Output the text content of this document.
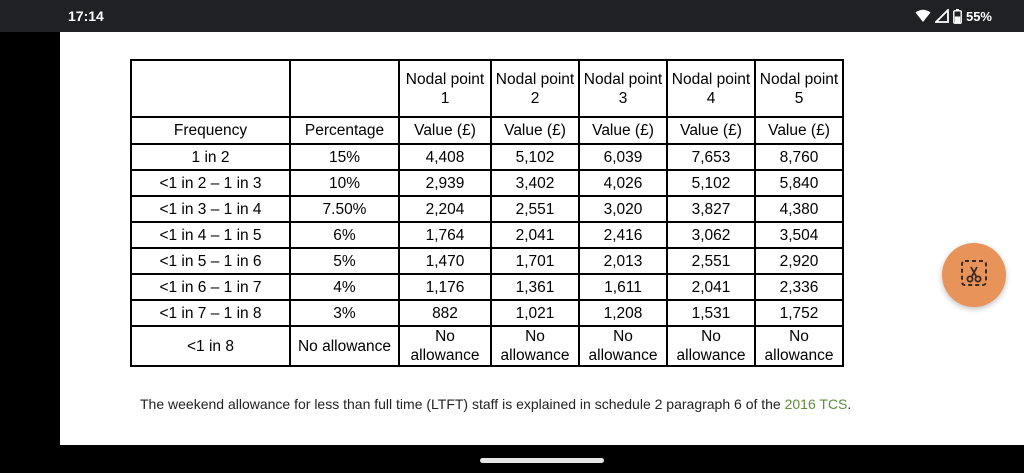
17:14	55%
		Nodal point 1	Nodal point 2	Nodal point 3	Nodal point 4	Nodal point 5
Frequency	Percentage	Value (£)	Value (£)	Value (£)	Value (£)	Value (£)
1 in 2	15%	4,408	5,102	6,039	7,653	8,760
<1 in 2 – 1 in 3	10%	2,939	3,402	4,026	5,102	5,840
<1 in 3 – 1 in 4	7.50%	2,204	2,551	3,020	3,827	4,380
<1 in 4 – 1 in 5	6%	1,764	2,041	2,416	3,062	3,504
<1 in 5 – 1 in 6	5%	1,470	1,701	2,013	2,551	2,920
<1 in 6 – 1 in 7	4%	1,176	1,361	1,611	2,041	2,336
<1 in 7 – 1 in 8	3%	882	1,021	1,208	1,531	1,752
<1 in 8	No allowance	No allowance	No allowance	No allowance	No allowance	No allowance
The weekend allowance for less than full time (LTFT) staff is explained in schedule 2 paragraph 6 of the 2016 TCS.
